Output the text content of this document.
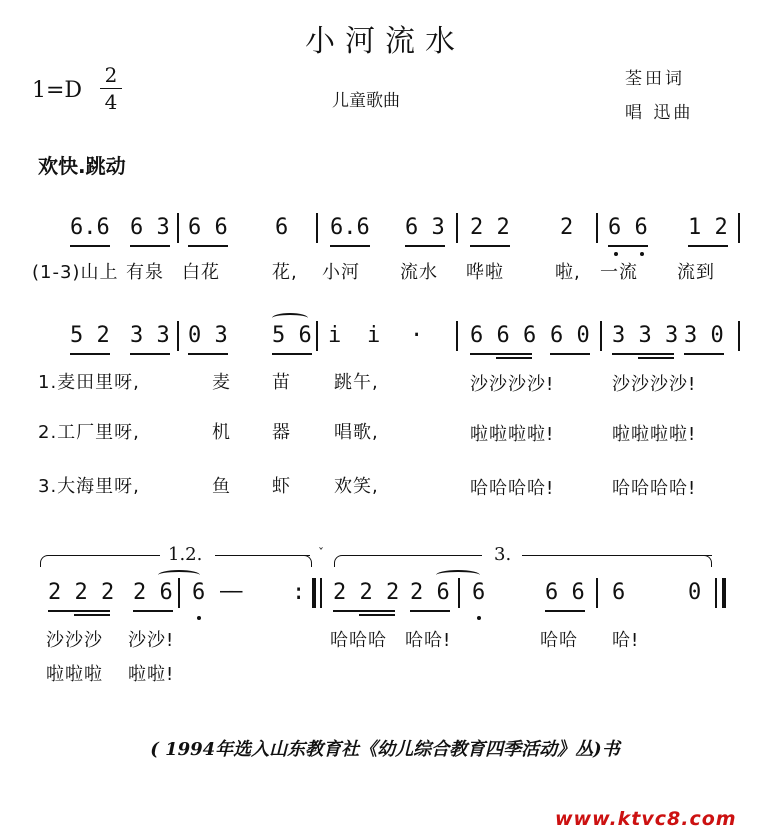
小河流水
1=D
2
4	儿童歌曲
荃田词
唱 迅曲
欢快.跳动
6.6 6 3 6 6 6 6.6 6 3 2 2 2 6 6 1 2
(1-3)山上 有泉 白花	花, 小河 流水 哗啦	啦, 一流 流到
5 2 3 3 0 3 5 6 i i · 6 6 6 6 0 3 3 3 3 0
1.麦田里呀,	麦 苗 跳午,	沙沙沙沙!	沙沙沙沙!
2.工厂里呀,	机 器 唱歌,	啦啦啦啦!	啦啦啦啦!
3.大海里呀,	鱼 虾 欢笑,	哈哈哈哈!	哈哈哈哈!
1.2.	3.
ˇ
2 2 2 2 6 6 —— : 2 2 2 2 6 6	6 6 6	0
沙沙沙 沙沙!	哈哈哈 哈哈!	哈哈 哈!
啦啦啦 啦啦!
( 1994年选入山东教育社《幼儿综合教育四季活动》丛)书
www.ktvc8.com
